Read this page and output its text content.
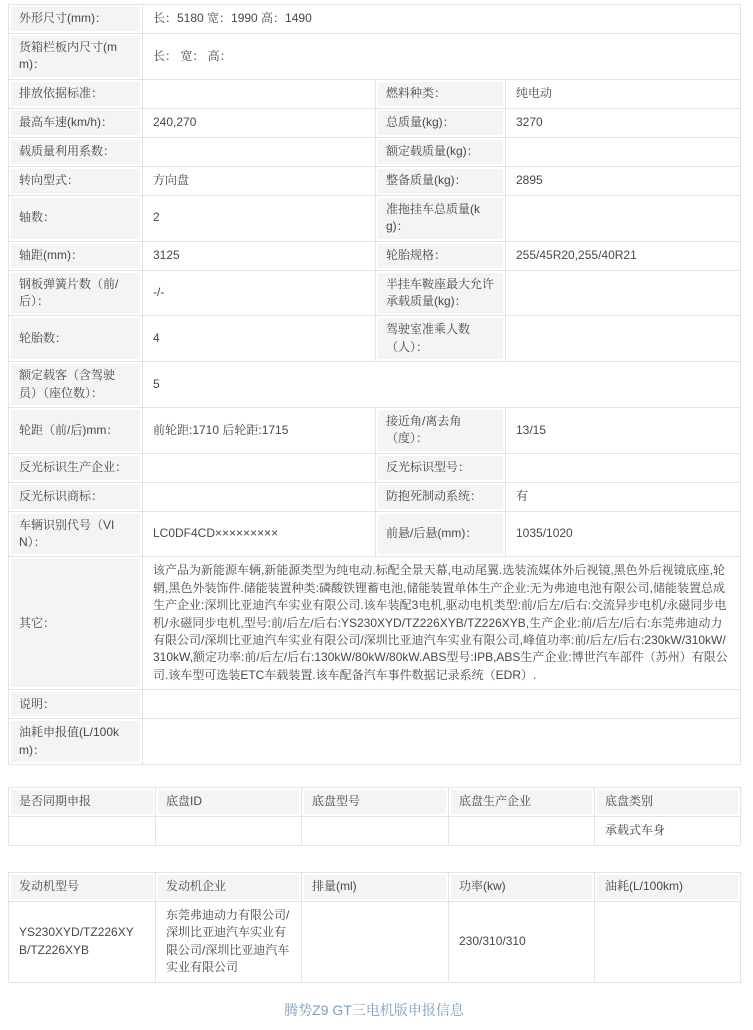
外形尺寸(mm)：	长：5180 宽：1990 高：1490		
货箱栏板内尺寸(mm)：	长： 宽： 高：		
排放依据标准：		燃料种类：	纯电动
最高车速(km/h)：	240,270	总质量(kg)：	3270
载质量利用系数：		额定载质量(kg)：	
转向型式：	方向盘	整备质量(kg)：	2895
轴数：	2	准拖挂车总质量(kg)：	
轴距(mm)：	3125	轮胎规格：	255/45R20,255/40R21
钢板弹簧片数（前/后）：	-/-	半挂车鞍座最大允许承载质量(kg)：	
轮胎数：	4	驾驶室准乘人数（人）：	
额定载客（含驾驶员）（座位数）：	5		
轮距（前/后)mm：	前轮距:1710 后轮距:1715	接近角/离去角（度）：	13/15
反光标识生产企业：		反光标识型号：	
反光标识商标：		防抱死制动系统：	有
车辆识别代号（VIN）：	LC0DF4CD×××××××××	前悬/后悬(mm)：	1035/1020
其它：	该产品为新能源车辆,新能源类型为纯电动.标配全景天幕,电动尾翼.选装流媒体外后视镜,黑色外后视镜底座,轮辋,黑色外装饰件.储能装置种类:磷酸铁锂蓄电池,储能装置单体生产企业:无为弗迪电池有限公司,储能装置总成生产企业:深圳比亚迪汽车实业有限公司.该车装配3电机,驱动电机类型:前/后左/后右:交流异步电机/永磁同步电机/永磁同步电机,型号:前/后左/后右:YS230XYD/TZ226XYB/TZ226XYB,生产企业:前/后左/后右:东莞弗迪动力有限公司/深圳比亚迪汽车实业有限公司/深圳比亚迪汽车实业有限公司,峰值功率:前/后左/后右:230kW/310kW/310kW,额定功率:前/后左/后右:130kW/80kW/80kW.ABS型号:IPB,ABS生产企业:博世汽车部件（苏州）有限公司.该车型可选装ETC车载装置.该车配备汽车事件数据记录系统（EDR）.		
说明：			
油耗申报值(L/100km)：			
是否同期申报	底盘ID	底盘型号	底盘生产企业	底盘类别
				承载式车身
发动机型号	发动机企业	排量(ml)	功率(kw)	油耗(L/100km)
YS230XYD/TZ226XYB/TZ226XYB	东莞弗迪动力有限公司/深圳比亚迪汽车实业有限公司/深圳比亚迪汽车实业有限公司		230/310/310	
腾势Z9 GT三电机版申报信息
